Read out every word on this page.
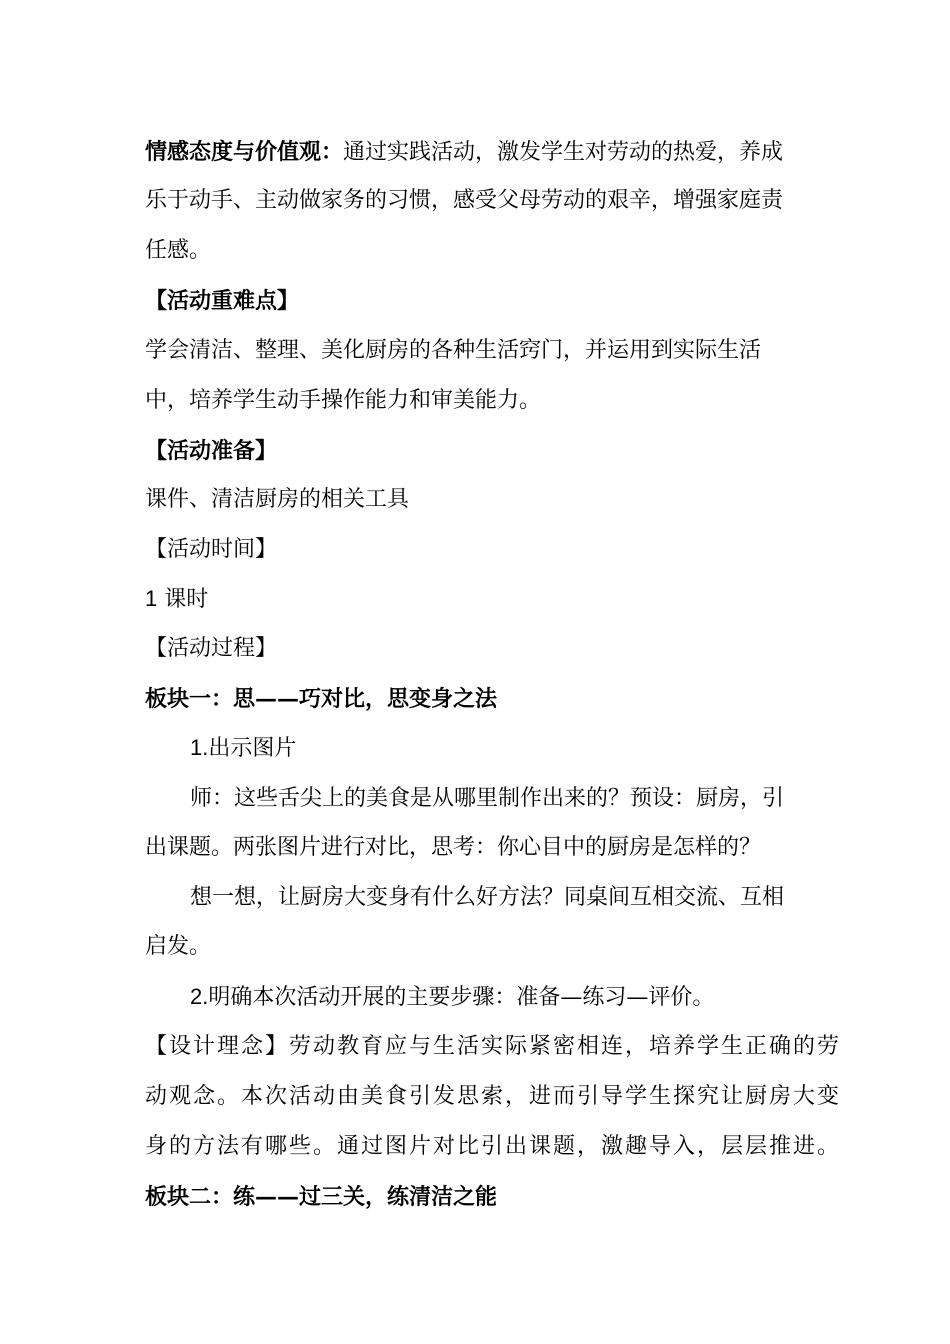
情感态度与价值观：通过实践活动，激发学生对劳动的热爱，养成

乐于动手、主动做家务的习惯，感受父母劳动的艰辛，增强家庭责

任感。

【活动重难点】

学会清洁、整理、美化厨房的各种生活窍门，并运用到实际生活

中，培养学生动手操作能力和审美能力。

【活动准备】

课件、清洁厨房的相关工具

【活动时间】

1 课时

【活动过程】

板块一：思——巧对比，思变身之法

1.出示图片

师：这些舌尖上的美食是从哪里制作出来的？预设：厨房，引

出课题。两张图片进行对比，思考：你心目中的厨房是怎样的？

想一想，让厨房大变身有什么好方法？同桌间互相交流、互相

启发。

2.明确本次活动开展的主要步骤：准备—练习—评价。

【设计理念】劳动教育应与生活实际紧密相连，培养学生正确的劳

动观念。本次活动由美食引发思索，进而引导学生探究让厨房大变

身的方法有哪些。通过图片对比引出课题，激趣导入，层层推进。

板块二：练——过三关，练清洁之能
